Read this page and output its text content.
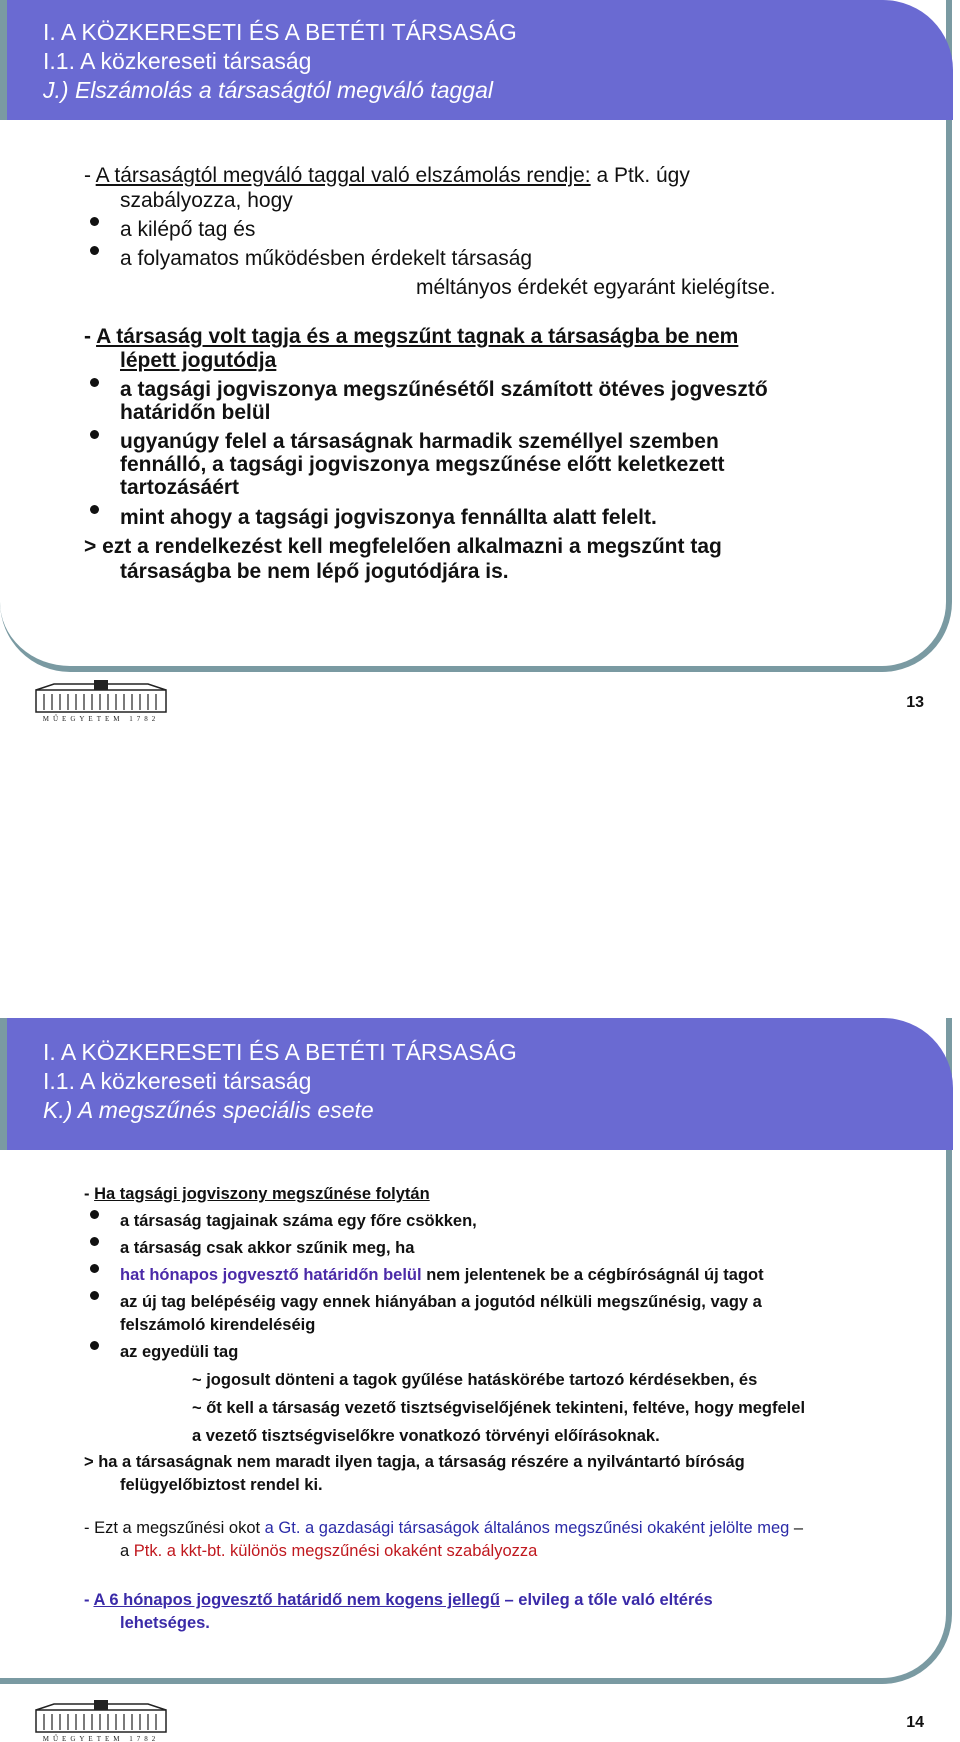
I. A KÖZKERESETI ÉS A BETÉTI TÁRSASÁG
I.1. A közkereseti társaság
J.) Elszámolás a társaságtól megváló taggal
- A társaságtól megváló taggal való elszámolás rendje: a Ptk. úgy
szabályozza, hogy
a kilépő tag és
a folyamatos működésben érdekelt társaság
méltányos érdekét egyaránt kielégítse.
- A társaság volt tagja és a megszűnt tagnak a társaságba be nem
lépett jogutódja
a tagsági jogviszonya megszűnésétől számított ötéves jogvesztő
határidőn belül
ugyanúgy felel a társaságnak harmadik személlyel szemben
fennálló, a tagsági jogviszonya megszűnése előtt keletkezett
tartozásáért
mint ahogy a tagsági jogviszonya fennállta alatt felelt.
> ezt a rendelkezést kell megfelelően alkalmazni a megszűnt tag
társaságba be nem lépő jogutódjára is.
MŰEGYETEM 1782
13
I. A KÖZKERESETI ÉS A BETÉTI TÁRSASÁG
I.1. A közkereseti társaság
K.) A megszűnés speciális esete
- Ha tagsági jogviszony megszűnése folytán
a társaság tagjainak száma egy főre csökken,
a társaság csak akkor szűnik meg, ha
hat hónapos jogvesztő határidőn belül nem jelentenek be a cégbíróságnál új tagot
az új tag belépéséig vagy ennek hiányában a jogutód nélküli megszűnésig, vagy a
felszámoló kirendeléséig
az egyedüli tag
~ jogosult dönteni a tagok gyűlése hatáskörébe tartozó kérdésekben, és
~ őt kell a társaság vezető tisztségviselőjének tekinteni, feltéve, hogy megfelel
a vezető tisztségviselőkre vonatkozó törvényi előírásoknak.
> ha a társaságnak nem maradt ilyen tagja, a társaság részére a nyilvántartó bíróság
felügyelőbiztost rendel ki.
- Ezt a megszűnési okot a Gt. a gazdasági társaságok általános megszűnési okaként jelölte meg –
a Ptk. a kkt-bt. különös megszűnési okaként szabályozza
- A 6 hónapos jogvesztő határidő nem kogens jellegű – elvileg a tőle való eltérés
lehetséges.
MŰEGYETEM 1782
14
